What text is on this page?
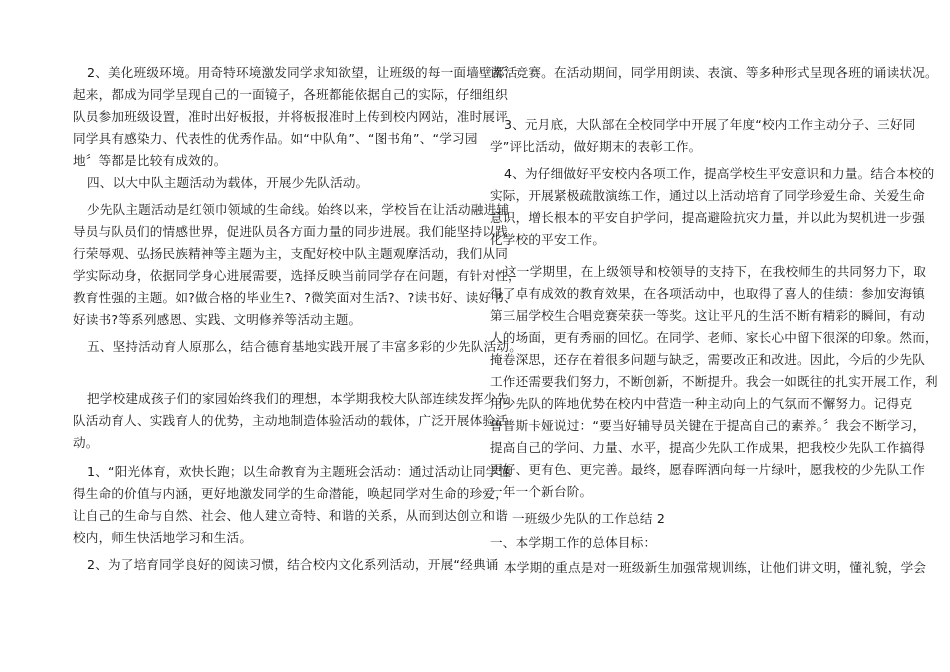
2、美化班级环境。用奇特环境激发同学求知欲望，让班级的每一面墙壁都活
起来，都成为同学呈现自己的一面镜子，各班都能依据自己的实际，仔细组织
队员参加班级设置，准时出好板报，并将板报准时上传到校内网站，准时展评
同学具有感染力、代表性的优秀作品。如“中队角”、“图书角”、“学习园
地〞等都是比较有成效的。
四、以大中队主题活动为载体，开展少先队活动。
少先队主题活动是红领巾领域的生命线。始终以来，学校旨在让活动融进辅
导员与队员们的情感世界，促进队员各方面力量的同步进展。我们能坚持以践
行荣辱观、弘扬民族精神等主题为主，支配好校中队主题观摩活动，我们从同
学实际动身，依据同学身心进展需要，选择反映当前同学存在问题，有针对性，
教育性强的主题。如?做合格的毕业生?、?微笑面对生活?、?读书好、读好书、
好读书?等系列感恩、实践、文明修养等活动主题。
五、坚持活动育人原那么，结合德育基地实践开展了丰富多彩的少先队活动。
把学校建成孩子们的家园始终我们的理想，本学期我校大队部连续发挥少先
队活动育人、实践育人的优势，主动地制造体验活动的载体，广泛开展体验活
动。
1、“阳光体育，欢快长跑；以生命教育为主题班会活动：通过活动让同学懂
得生命的价值与内涵，更好地激发同学的生命潜能，唤起同学对生命的珍爱，
让自己的生命与自然、社会、他人建立奇特、和谐的关系，从而到达创立和谐
校内，师生快活地学习和生活。
2、为了培育同学良好的阅读习惯，结合校内文化系列活动，开展“经典诵
读〞竞赛。在活动期间，同学用朗读、表演、等多种形式呈现各班的诵读状况。
3、元月底，大队部在全校同学中开展了年度“校内工作主动分子、三好同
学”评比活动，做好期末的表彰工作。
4、为仔细做好平安校内各项工作，提高学校生平安意识和力量。结合本校的
实际，开展紧极疏散演练工作，通过以上活动培育了同学珍爱生命、关爱生命
意识，增长根本的平安自护学问，提高避险抗灾力量，并以此为契机进一步强
化学校的平安工作。
这一学期里，在上级领导和校领导的支持下，在我校师生的共同努力下，取
得了卓有成效的教育效果，在各项活动中，也取得了喜人的佳绩：参加安海镇
第三届学校生合唱竞赛荣获一等奖。这让平凡的生活不断有精彩的瞬间，有动
人的场面，更有秀丽的回忆。在同学、老师、家长心中留下很深的印象。然而，
掩卷深思，还存在着很多问题与缺乏，需要改正和改进。因此，今后的少先队
工作还需要我们努力，不断创新，不断提升。我会一如既往的扎实开展工作，利
用少先队的阵地优势在校内中营造一种主动向上的气氛而不懈努力。记得克
鲁普斯卡娅说过：“要当好辅导员关键在于提高自己的素养。〞我会不断学习，
提高自己的学问、力量、水平，提高少先队工作成果，把我校少先队工作搞得
更好、更有色、更完善。最终，愿春晖洒向每一片绿叶，愿我校的少先队工作
一年一个新台阶。
一班级少先队的工作总结 2
一、本学期工作的总体目标：
本学期的重点是对一班级新生加强常规训练，让他们讲文明，懂礼貌，学会
